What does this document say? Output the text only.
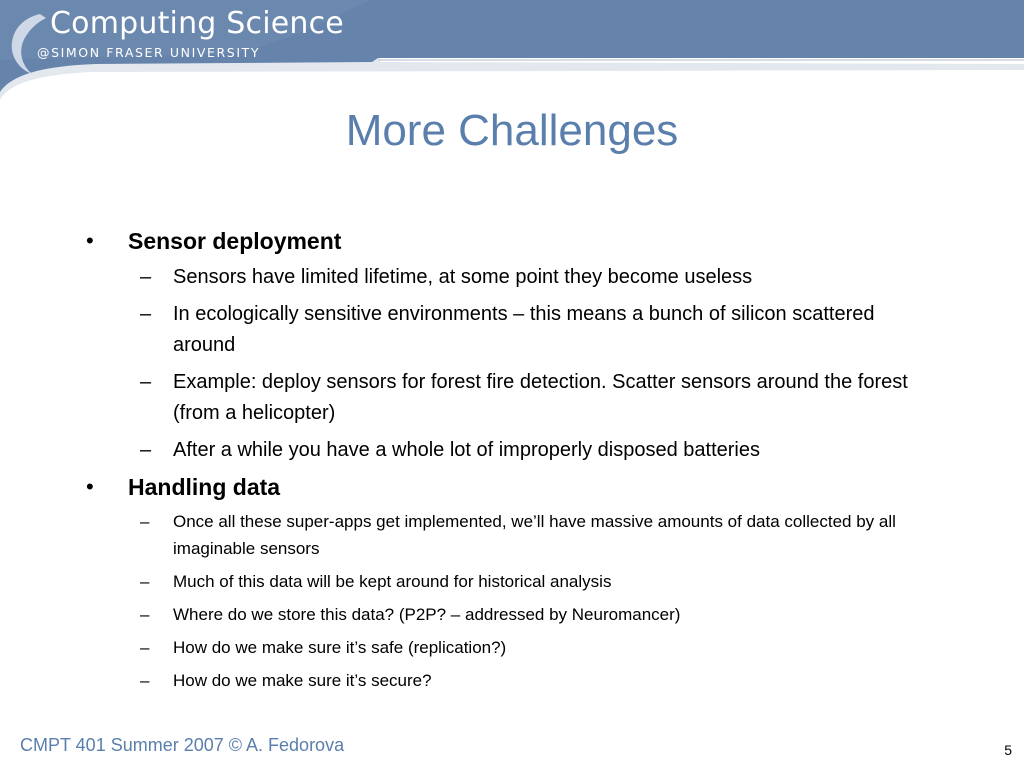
Computing Science
@SIMON FRASER UNIVERSITY
More Challenges
•	Sensor deployment
–	Sensors have limited lifetime, at some point they become useless
–	In ecologically sensitive environments – this means a bunch of silicon scattered around
–	Example: deploy sensors for forest fire detection. Scatter sensors around the forest (from a helicopter)
–	After a while you have a whole lot of improperly disposed batteries
•	Handling data
–	Once all these super-apps get implemented, we’ll have massive amounts of data collected by all imaginable sensors
–	Much of this data will be kept around for historical analysis
–	Where do we store this data? (P2P? – addressed by Neuromancer)
–	How do we make sure it’s safe (replication?)
–	How do we make sure it’s secure?
CMPT 401 Summer 2007 © A. Fedorova	5
